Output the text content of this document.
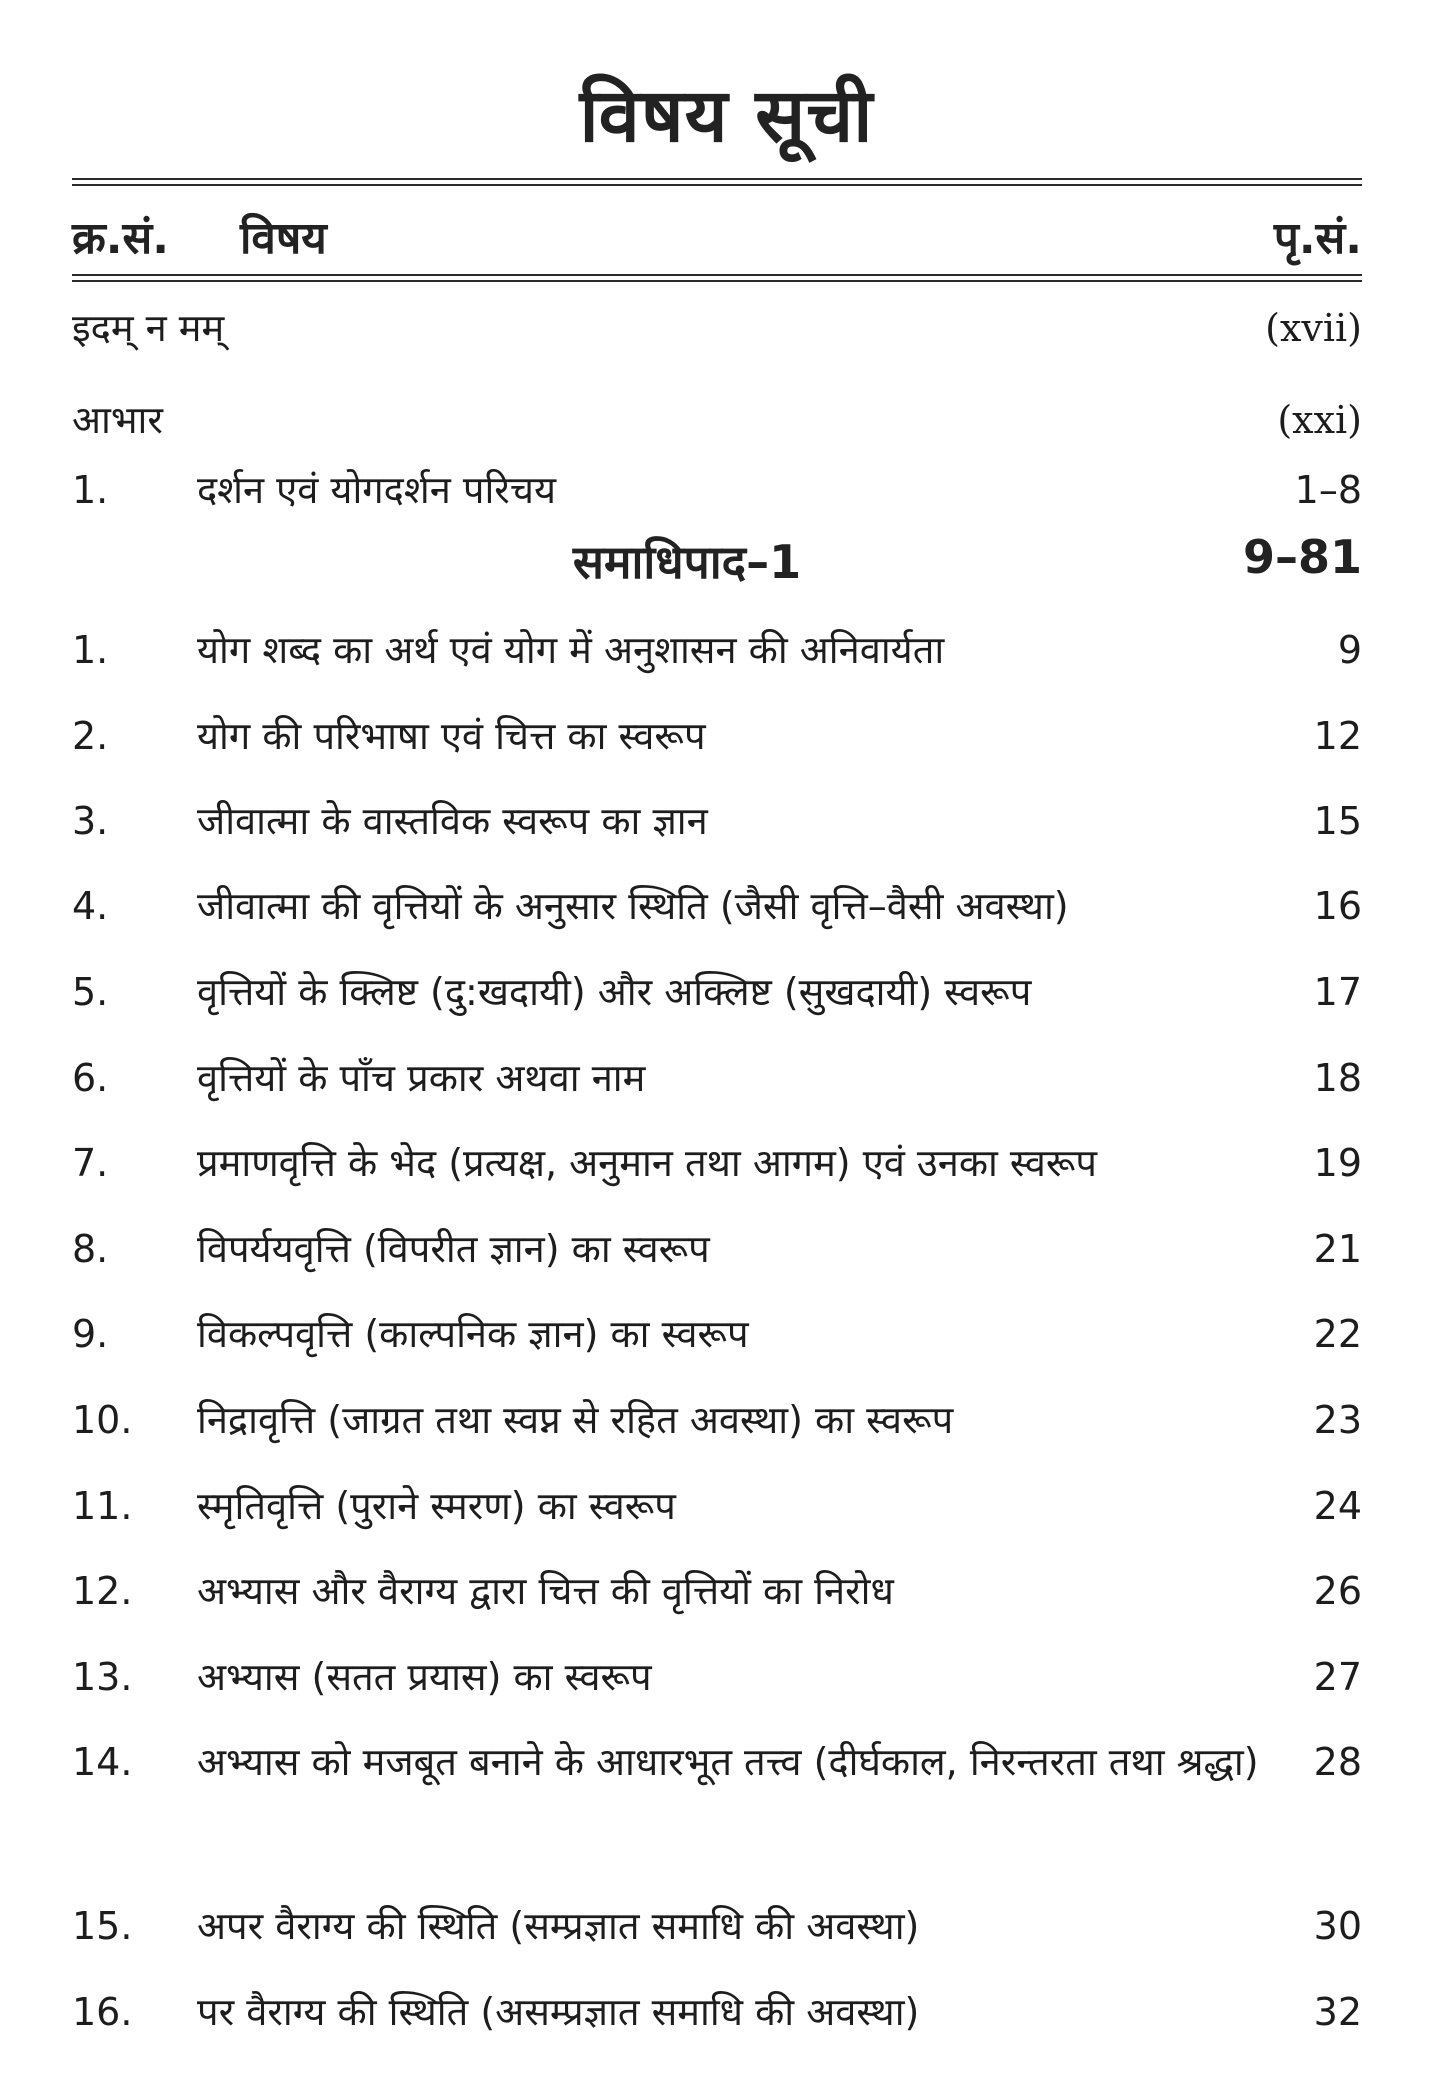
विषय सूची
क्र.सं. विषय	पृ.सं.
इदम् न मम्	(xvii)
आभार	(xxi)
1. दर्शन एवं योगदर्शन परिचय	1–8
समाधिपाद–1	9–81
1. योग शब्द का अर्थ एवं योग में अनुशासन की अनिवार्यता	9
2. योग की परिभाषा एवं चित्त का स्वरूप	12
3. जीवात्मा के वास्तविक स्वरूप का ज्ञान	15
4. जीवात्मा की वृत्तियों के अनुसार स्थिति (जैसी वृत्ति–वैसी अवस्था)	16
5. वृत्तियों के क्लिष्ट (दु:खदायी) और अक्लिष्ट (सुखदायी) स्वरूप	17
6. वृत्तियों के पाँच प्रकार अथवा नाम	18
7. प्रमाणवृत्ति के भेद (प्रत्यक्ष, अनुमान तथा आगम) एवं उनका स्वरूप	19
8. विपर्ययवृत्ति (विपरीत ज्ञान) का स्वरूप	21
9. विकल्पवृत्ति (काल्पनिक ज्ञान) का स्वरूप	22
10. निद्रावृत्ति (जाग्रत तथा स्वप्न से रहित अवस्था) का स्वरूप	23
11. स्मृतिवृत्ति (पुराने स्मरण) का स्वरूप	24
12. अभ्यास और वैराग्य द्वारा चित्त की वृत्तियों का निरोध	26
13. अभ्यास (सतत प्रयास) का स्वरूप	27
14. अभ्यास को मजबूत बनाने के आधारभूत तत्त्व (दीर्घकाल, निरन्तरता तथा श्रद्धा)	28
15. अपर वैराग्य की स्थिति (सम्प्रज्ञात समाधि की अवस्था)	30
16. पर वैराग्य की स्थिति (असम्प्रज्ञात समाधि की अवस्था)	32
